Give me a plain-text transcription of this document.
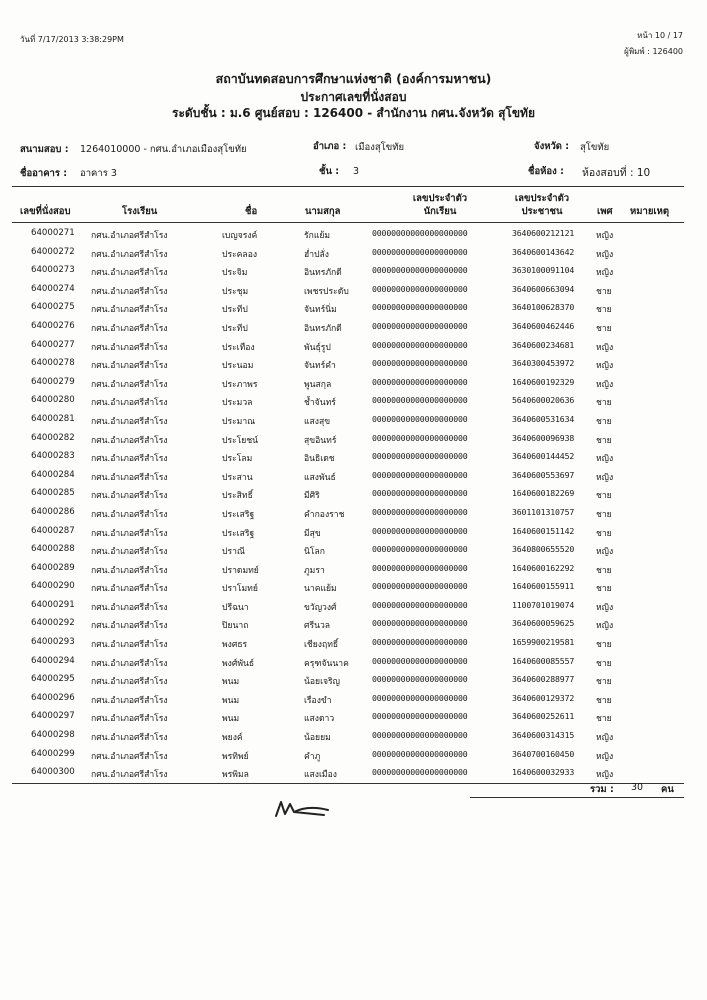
วันที่ 7/17/2013 3:38:29PM	หน้า 10 / 17
ผู้พิมพ์ : 126400
สถาบันทดสอบการศึกษาแห่งชาติ (องค์การมหาชน)
ประกาศเลขที่นั่งสอบ
ระดับชั้น : ม.6 ศูนย์สอบ : 126400 - สำนักงาน กศน.จังหวัด สุโขทัย
สนามสอบ : 1264010000 - กศน.อำเภอเมืองสุโขทัย	อำเภอ : เมืองสุโขทัย	จังหวัด : สุโขทัย
ชื่ออาคาร : อาคาร 3	ชั้น : 3	ชื่อห้อง : ห้องสอบที่ : 10
เลขที่นั่งสอบ	โรงเรียน	ชื่อ	นามสกุล
เลขประจำตัว
นักเรียน
เลขประจำตัว
ประชาชน	เพศ หมายเหตุ
64000271 กศน.อำเภอศรีสำโรง	เบญจรงค์	รักแย้ม	00000000000000000000	3640600212121	หญิง
64000272 กศน.อำเภอศรีสำโรง	ประคลอง	ฮ่ำปลั่ง	00000000000000000000	3640600143642	หญิง
64000273 กศน.อำเภอศรีสำโรง	ประจิม	อินทรภักดี	00000000000000000000	3630100091104	หญิง
64000274 กศน.อำเภอศรีสำโรง	ประชุม	เพชรประดับ	00000000000000000000	3640600663094	ชาย
64000275 กศน.อำเภอศรีสำโรง	ประทีป	จันทร์นิ่ม	00000000000000000000	3640100628370	ชาย
64000276 กศน.อำเภอศรีสำโรง	ประทีป	อินทรภักดี	00000000000000000000	3640600462446	ชาย
64000277 กศน.อำเภอศรีสำโรง	ประเทือง	พันธุ์รูป	00000000000000000000	3640600234681	หญิง
64000278 กศน.อำเภอศรีสำโรง	ประนอม	จันทร์คำ	00000000000000000000	3640300453972	หญิง
64000279 กศน.อำเภอศรีสำโรง	ประภาพร	พูนสกุล	00000000000000000000	1640600192329	หญิง
64000280 กศน.อำเภอศรีสำโรง	ประมวล	ช้ำจันทร์	00000000000000000000	5640600020636	ชาย
64000281 กศน.อำเภอศรีสำโรง	ประมาณ	แสงสุข	00000000000000000000	3640600531634	ชาย
64000282 กศน.อำเภอศรีสำโรง	ประโยชน์	สุขอินทร์	00000000000000000000	3640600096938	ชาย
64000283 กศน.อำเภอศรีสำโรง	ประโลม	อินธิเดช	00000000000000000000	3640600144452	หญิง
64000284 กศน.อำเภอศรีสำโรง	ประสาน	แสงพันธ์	00000000000000000000	3640600553697	หญิง
64000285 กศน.อำเภอศรีสำโรง	ประสิทธิ์	มีศิริ	00000000000000000000	1640600182269	ชาย
64000286 กศน.อำเภอศรีสำโรง	ประเสริฐ	คำกองราช	00000000000000000000	3601101310757	ชาย
64000287 กศน.อำเภอศรีสำโรง	ประเสริฐ	มีสุข	00000000000000000000	1640600151142	ชาย
64000288 กศน.อำเภอศรีสำโรง	ปราณี	นิโลก	00000000000000000000	3640800655520	หญิง
64000289 กศน.อำเภอศรีสำโรง	ปราดมทย์	ภูมรา	00000000000000000000	1640600162292	ชาย
64000290 กศน.อำเภอศรีสำโรง	ปราโมทย์	นาคแย้ม	00000000000000000000	1640600155911	ชาย
64000291 กศน.อำเภอศรีสำโรง	ปรีฉนา	ขวัญวงศ์	00000000000000000000	1100701019074	หญิง
64000292 กศน.อำเภอศรีสำโรง	ปิยนาถ	ศรีนวล	00000000000000000000	3640600059625	หญิง
64000293 กศน.อำเภอศรีสำโรง	พงศธร	เชียงฤทธิ์	00000000000000000000	1659900219581	ชาย
64000294 กศน.อำเภอศรีสำโรง	พงศ์พันธ์	ครุฑจันนาค	00000000000000000000	1640600085557	ชาย
64000295 กศน.อำเภอศรีสำโรง	พนม	น้อยเจริญ	00000000000000000000	3640600288977	ชาย
64000296 กศน.อำเภอศรีสำโรง	พนม	เรืองขำ	00000000000000000000	3640600129372	ชาย
64000297 กศน.อำเภอศรีสำโรง	พนม	แสงดาว	00000000000000000000	3640600252611	ชาย
64000298 กศน.อำเภอศรีสำโรง	พยงค์	น้อยยม	00000000000000000000	3640600314315	หญิง
64000299 กศน.อำเภอศรีสำโรง	พรทิพย์	คำภู	00000000000000000000	3640700160450	หญิง
64000300 กศน.อำเภอศรีสำโรง	พรพิมล	แสงเมือง	00000000000000000000	1640600032933	หญิง
รวม : 30 คน
